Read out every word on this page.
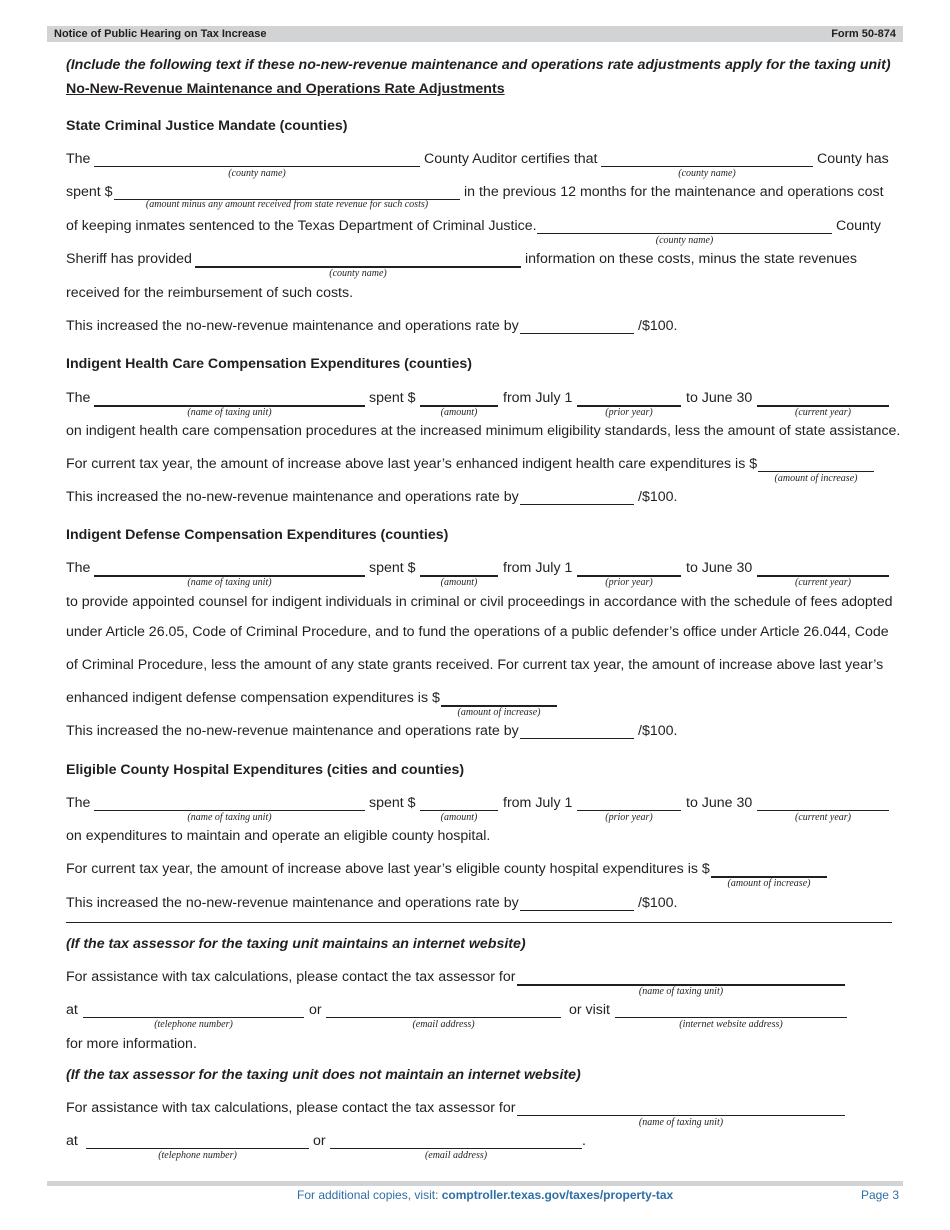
Notice of Public Hearing on Tax Increase	Form 50-874
(Include the following text if these no-new-revenue maintenance and operations rate adjustments apply for the taxing unit)
No-New-Revenue Maintenance and Operations Rate Adjustments
State Criminal Justice Mandate (counties)
The
(county name)
County Auditor certifies that
(county name)
County has
spent $
(amount minus any amount received from state revenue for such costs)
in the previous 12 months for the maintenance and operations cost
of keeping inmates sentenced to the Texas Department of Criminal Justice.
(county name)
County
Sheriff has provided
(county name)
information on these costs, minus the state revenues
received for the reimbursement of such costs.
This increased the no-new-revenue maintenance and operations rate by	/$100.
Indigent Health Care Compensation Expenditures (counties)
The
(name of taxing unit)
spent $
(amount)
from July 1
(prior year)
to June 30
(current year)
on indigent health care compensation procedures at the increased minimum eligibility standards, less the amount of state assistance.
For current tax year, the amount of increase above last year’s enhanced indigent health care expenditures is $
(amount of increase)
This increased the no-new-revenue maintenance and operations rate by	/$100.
Indigent Defense Compensation Expenditures (counties)
The
(name of taxing unit)
spent $
(amount)
from July 1
(prior year)
to June 30
(current year)
to provide appointed counsel for indigent individuals in criminal or civil proceedings in accordance with the schedule of fees adopted
under Article 26.05, Code of Criminal Procedure, and to fund the operations of a public defender’s office under Article 26.044, Code
of Criminal Procedure, less the amount of any state grants received. For current tax year, the amount of increase above last year’s
enhanced indigent defense compensation expenditures is $
(amount of increase)
This increased the no-new-revenue maintenance and operations rate by	/$100.
Eligible County Hospital Expenditures (cities and counties)
The
(name of taxing unit)
spent $
(amount)
from July 1
(prior year)
to June 30
(current year)
on expenditures to maintain and operate an eligible county hospital.
For current tax year, the amount of increase above last year’s eligible county hospital expenditures is $
(amount of increase)
This increased the no-new-revenue maintenance and operations rate by	/$100.
(If the tax assessor for the taxing unit maintains an internet website)
For assistance with tax calculations, please contact the tax assessor for
(name of taxing unit)
at
(telephone number)
or
(email address)
or visit
(internet website address)
for more information.
(If the tax assessor for the taxing unit does not maintain an internet website)
For assistance with tax calculations, please contact the tax assessor for
(name of taxing unit)
at
(telephone number)
or
(email address)
.
For additional copies, visit: comptroller.texas.gov/taxes/property-tax	Page 3
